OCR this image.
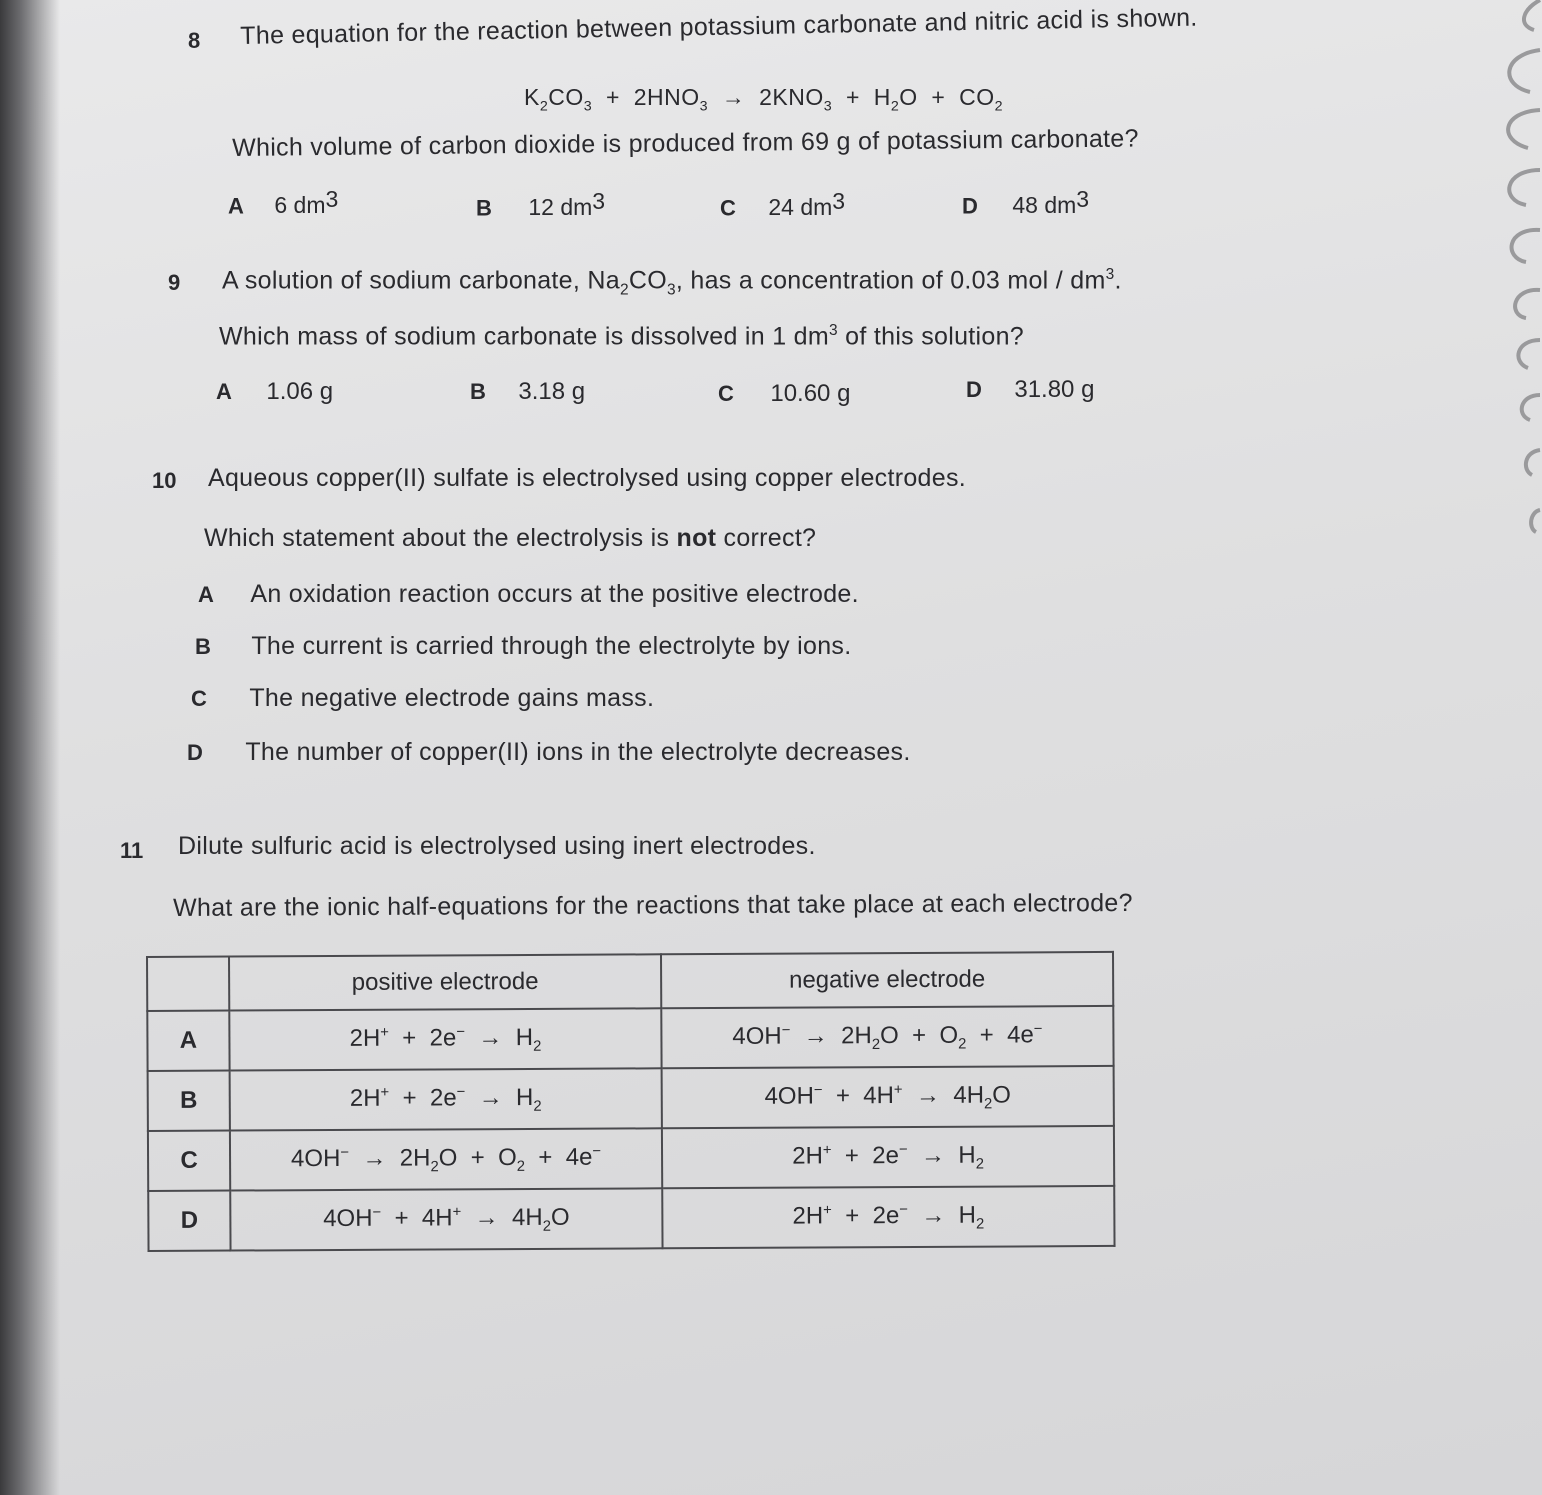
8 The equation for the reaction between potassium carbonate and nitric acid is shown.
$K_2CO_3 + 2HNO_3 \to 2KNO_3 + H_2O + CO_2$
Which volume of carbon dioxide is produced from 69 g of potassium carbonate?
A 6 $dm^3$	B 12 $dm^3$	C 24 $dm^3$	D 48 $dm^3$
9 A solution of sodium carbonate, $Na_2CO_3$, has a concentration of 0.03 mol / $dm^3$.
Which mass of sodium carbonate is dissolved in 1 $dm^3$ of this solution?
A 1.06 g	B 3.18 g	C 10.60 g	D 31.80 g
10 Aqueous copper(II) sulfate is electrolysed using copper electrodes.
Which statement about the electrolysis is not correct?
A An oxidation reaction occurs at the positive electrode.
B The current is carried through the electrolyte by ions.
C The negative electrode gains mass.
D The number of copper(II) ions in the electrolyte decreases.
11 Dilute sulfuric acid is electrolysed using inert electrodes.
What are the ionic half-equations for the reactions that take place at each electrode?
	positive electrode	negative electrode
A	$2H^+ + 2e^- \to H_2$	$4OH^- \to 2H_2O + O_2 + 4e^-$
B	$2H^+ + 2e^- \to H_2$	$4OH^- + 4H^+ \to 4H_2O$
C	$4OH^- \to 2H_2O + O_2 + 4e^-$	$2H^+ + 2e^- \to H_2$
D	$4OH^- + 4H^+ \to 4H_2O$	$2H^+ + 2e^- \to H_2$
